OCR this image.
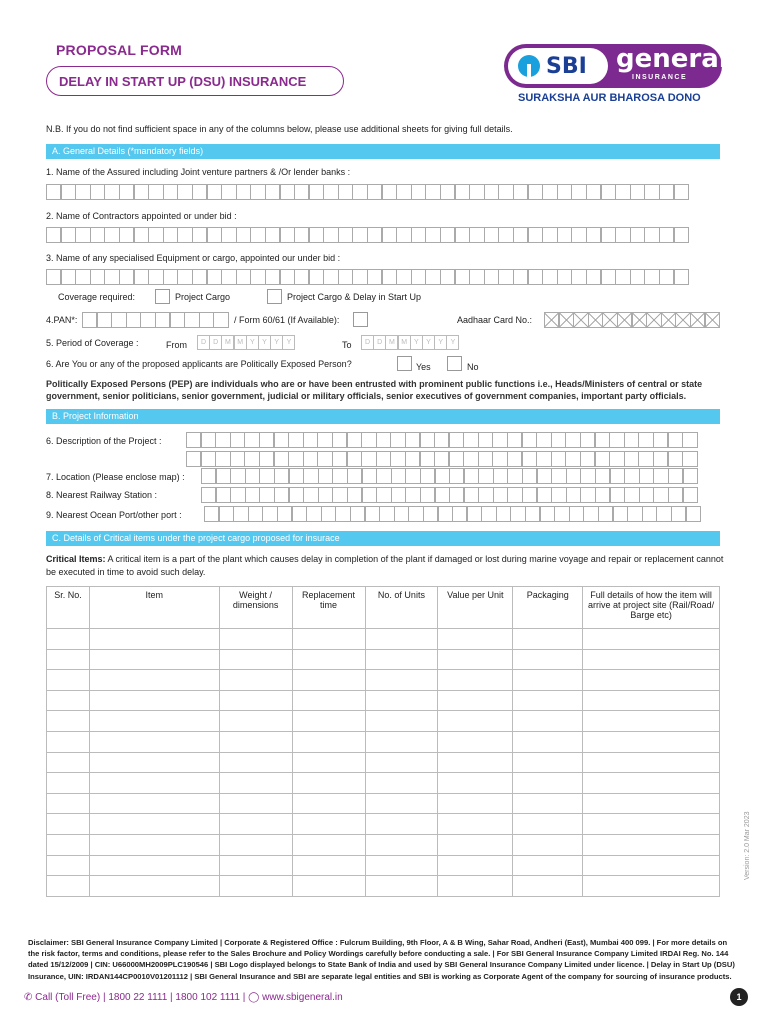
PROPOSAL FORM
DELAY IN START UP (DSU) INSURANCE
SBI general
INSURANCE
SURAKSHA AUR BHAROSA DONO
N.B. If you do not find sufficient space in any of the columns below, please use additional sheets for giving full details.
A. General Details (*mandatory fields)
1. Name of the Assured including Joint venture partners & /Or lender banks :
2. Name of Contractors appointed or under bid :
3. Name of any specialised Equipment or cargo, appointed our under bid :
Coverage required:	Project Cargo	Project Cargo & Delay in Start Up
4.PAN*:	/ Form 60/61 (If Available):	Aadhaar Card No.:
5. Period of Coverage :	From	D	D M M Y	Y	Y	Y	To	D	D M M Y	Y	Y	Y
6. Are You or any of the proposed applicants are Politically Exposed Person?	Yes	No
Politically Exposed Persons (PEP) are individuals who are or have been entrusted with prominent public functions i.e., Heads/Ministers of central or state government, senior politicians, senior government, judicial or military officials, senior executives of government companies, important party officials.
B. Project Information
6. Description of the Project :
7. Location (Please enclose map) :
8. Nearest Railway Station :
9. Nearest Ocean Port/other port :
C. Details of Critical items under the project cargo proposed for insurace
Critical Items: A critical item is a part of the plant which causes delay in completion of the plant if damaged or lost during marine voyage and repair or replacement cannot be executed in time to avoid such delay.
Sr. No.	Item	Weight / dimensions	Replacement time	No. of Units	Value per Unit	Packaging	Full details of how the item will arrive at project site (Rail/Road/ Barge etc)

Version: 2.0 Mar 2023
Disclaimer: SBI General Insurance Company Limited | Corporate & Registered Office : Fulcrum Building, 9th Floor, A & B Wing, Sahar Road, Andheri (East), Mumbai 400 099. | For more details on the risk factor, terms and conditions, please refer to the Sales Brochure and Policy Wordings carefully before conducting a sale. | For SBI General Insurance Company Limited IRDAI Reg. No. 144 dated 15/12/2009 | CIN: U66000MH2009PLC190546 | SBI Logo displayed belongs to State Bank of India and used by SBI General Insurance Company Limited under licence. | Delay in Start Up (DSU) Insurance, UIN: IRDAN144CP0010V01201112 | SBI General Insurance and SBI are separate legal entities and SBI is working as Corporate Agent of the company for sourcing of insurance products.
✆ Call (Toll Free) | 1800 22 1111 | 1800 102 1111 | ◯ www.sbigeneral.in	1
